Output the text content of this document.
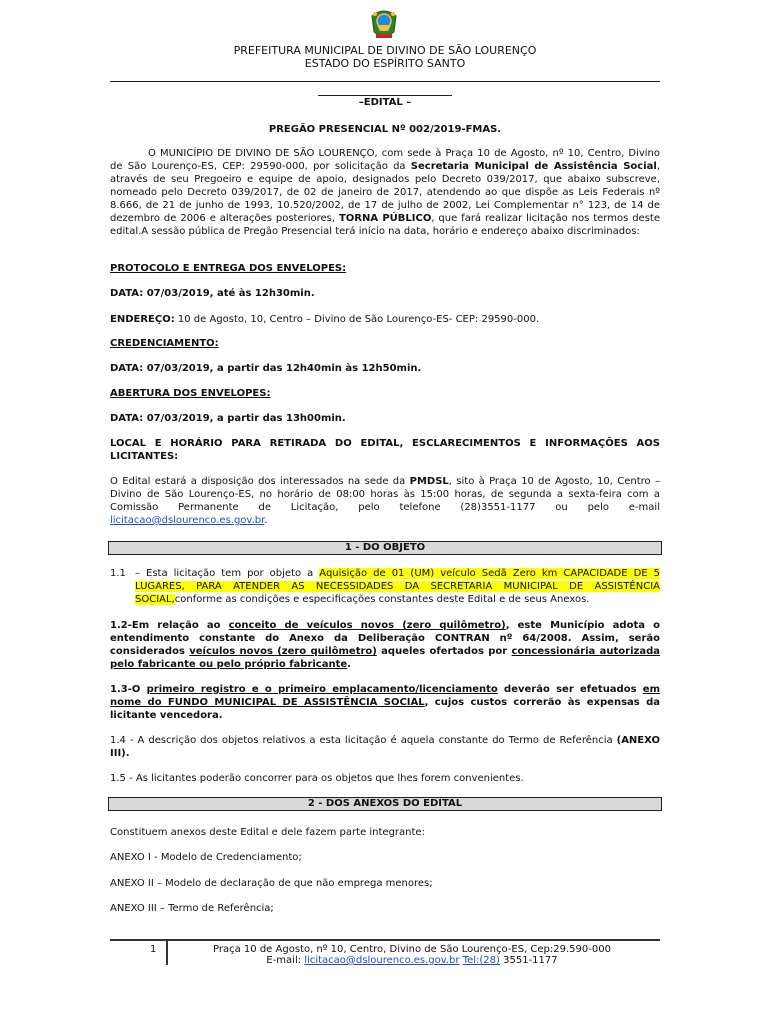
PREFEITURA MUNICIPAL DE DIVINO DE SÃO LOURENÇO
ESTADO DO ESPÍRITO SANTO
–EDITAL –
PREGÃO PRESENCIAL Nº 002/2019-FMAS.

O MUNICÍPIO DE DIVINO DE SÃO LOURENÇO, com sede à Praça 10 de Agosto, nº 10, Centro, Divino de São Lourenço-ES, CEP: 29590-000, por solicitação da Secretaria Municipal de Assistência Social, através de seu Pregoeiro e equipe de apoio, designados pelo Decreto 039/2017, que abaixo subscreve, nomeado pelo Decreto 039/2017, de 02 de janeiro de 2017, atendendo ao que dispõe as Leis Federais nº 8.666, de 21 de junho de 1993, 10.520/2002, de 17 de julho de 2002, Lei Complementar n° 123, de 14 de dezembro de 2006 e alterações posteriores, TORNA PÚBLICO, que fará realizar licitação nos termos deste edital.A sessão pública de Pregão Presencial terá início na data, horário e endereço abaixo discriminados:

PROTOCOLO E ENTREGA DOS ENVELOPES:
DATA: 07/03/2019, até às 12h30min.
ENDEREÇO: 10 de Agosto, 10, Centro – Divino de São Lourenço-ES- CEP: 29590-000.
CREDENCIAMENTO:
DATA: 07/03/2019, a partir das 12h40min às 12h50min.
ABERTURA DOS ENVELOPES:
DATA: 07/03/2019, a partir das 13h00min.
LOCAL E HORÁRIO PARA RETIRADA DO EDITAL, ESCLARECIMENTOS E INFORMAÇÕES AOS LICITANTES:

O Edital estará a disposição dos interessados na sede da PMDSL, sito à Praça 10 de Agosto, 10, Centro – Divino de São Lourenço-ES, no horário de 08:00 horas às 15:00 horas, de segunda a sexta-feira com a Comissão Permanente de Licitação, pelo telefone (28)3551-1177 ou pelo e-mail licitacao@dslourenco.es.gov.br.

1 - DO OBJETO
1.1 – Esta licitação tem por objeto a Aquisição de 01 (UM) veículo Sedã Zero km CAPACIDADE DE 5 LUGARES, PARA ATENDER AS NECESSIDADES DA SECRETARIA MUNICIPAL DE ASSISTÊNCIA SOCIAL,conforme as condições e especificações constantes deste Edital e de seus Anexos.

1.2-Em relação ao conceito de veículos novos (zero quilômetro), este Município adota o entendimento constante do Anexo da Deliberação CONTRAN nº 64/2008. Assim, serão considerados veículos novos (zero quilômetro) aqueles ofertados por concessionária autorizada pelo fabricante ou pelo próprio fabricante.

1.3-O primeiro registro e o primeiro emplacamento/licenciamento deverão ser efetuados em nome do FUNDO MUNICIPAL DE ASSISTÊNCIA SOCIAL, cujos custos correrão às expensas da licitante vencedora.

1.4 - A descrição dos objetos relativos a esta licitação é aquela constante do Termo de Referência (ANEXO III).

1.5 - As licitantes poderão concorrer para os objetos que lhes forem convenientes.
2 - DOS ANEXOS DO EDITAL
Constituem anexos deste Edital e dele fazem parte integrante:
ANEXO I - Modelo de Credenciamento;
ANEXO II – Modelo de declaração de que não emprega menores;
ANEXO III – Termo de Referência;
1	Praça 10 de Agosto, nº 10, Centro, Divino de São Lourenço-ES, Cep:29.590-000
E-mail: licitacao@dslourenco.es.gov.br Tel:(28) 3551-1177
